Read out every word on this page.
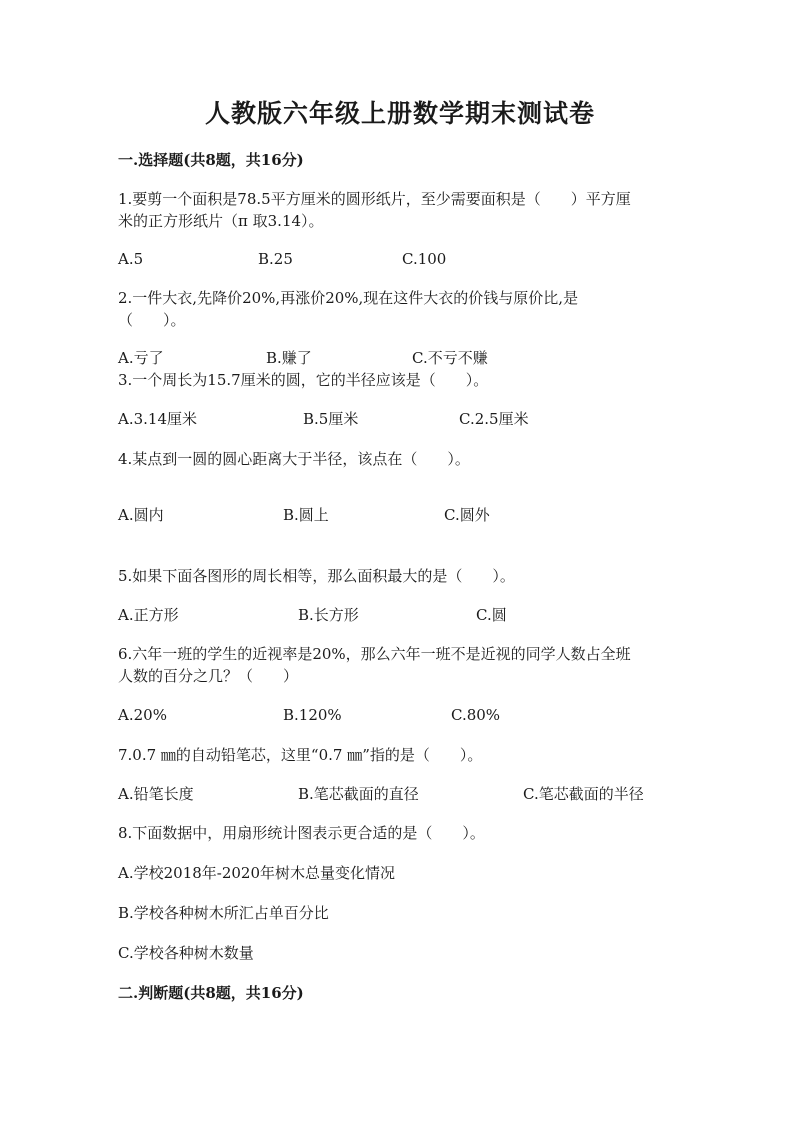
人教版六年级上册数学期末测试卷
一.选择题(共8题，共16分)
1.要剪一个面积是78.5平方厘米的圆形纸片，至少需要面积是（　　）平方厘
米的正方形纸片（π 取3.14）。
A.5	B.25	C.100
2.一件大衣,先降价20%,再涨价20%,现在这件大衣的价钱与原价比,是
（　　）。
A.亏了	B.赚了	C.不亏不赚
3.一个周长为15.7厘米的圆，它的半径应该是（　　）。
A.3.14厘米	B.5厘米	C.2.5厘米
4.某点到一圆的圆心距离大于半径，该点在（　　）。
A.圆内	B.圆上	C.圆外
5.如果下面各图形的周长相等，那么面积最大的是（　　）。
A.正方形	B.长方形	C.圆
6.六年一班的学生的近视率是20%，那么六年一班不是近视的同学人数占全班
人数的百分之几？（　　）
A.20%	B.120%	C.80%
7.0.7 ㎜的自动铅笔芯，这里“0.7 ㎜”指的是（　　）。
A.铅笔长度	B.笔芯截面的直径	C.笔芯截面的半径
8.下面数据中，用扇形统计图表示更合适的是（　　）。
A.学校2018年-2020年树木总量变化情况
B.学校各种树木所汇占单百分比
C.学校各种树木数量
二.判断题(共8题，共16分)
